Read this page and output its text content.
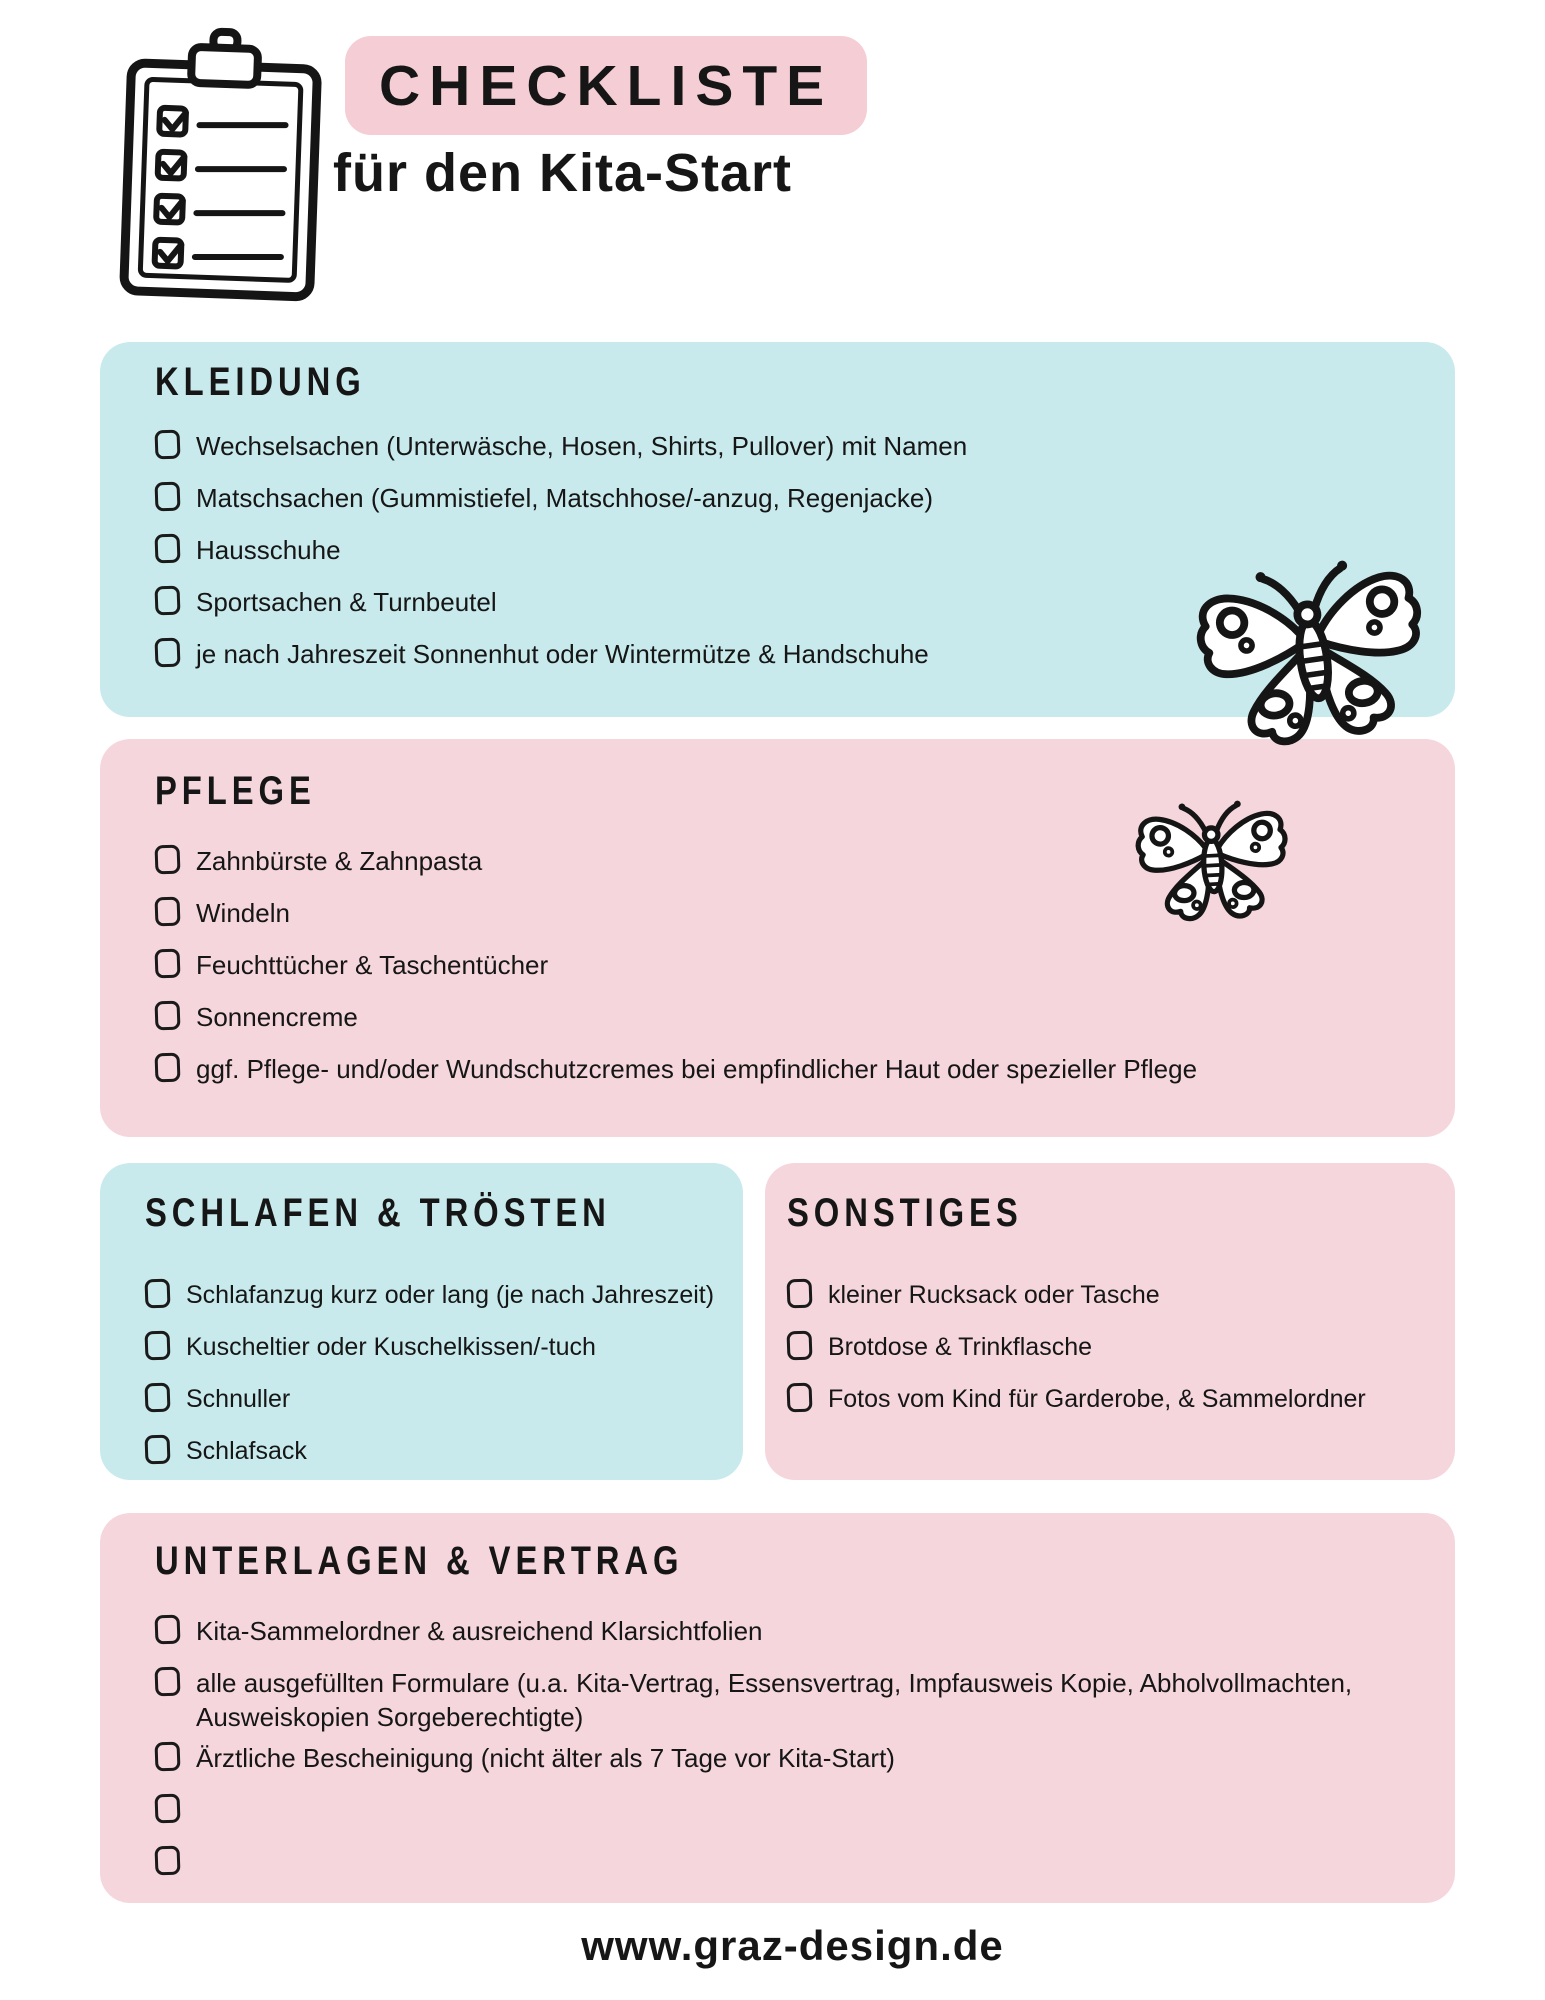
CHECKLISTE
für den Kita-Start
KLEIDUNG
Wechselsachen (Unterwäsche, Hosen, Shirts, Pullover) mit Namen
Matschsachen (Gummistiefel, Matschhose/-anzug, Regenjacke)
Hausschuhe
Sportsachen & Turnbeutel
je nach Jahreszeit Sonnenhut oder Wintermütze & Handschuhe
PFLEGE
Zahnbürste & Zahnpasta
Windeln
Feuchttücher & Taschentücher
Sonnencreme
ggf. Pflege- und/oder Wundschutzcremes bei empfindlicher Haut oder spezieller Pflege
SCHLAFEN & TRÖSTEN
Schlafanzug kurz oder lang (je nach Jahreszeit)
Kuscheltier oder Kuschelkissen/-tuch
Schnuller
Schlafsack
SONSTIGES
kleiner Rucksack oder Tasche
Brotdose & Trinkflasche
Fotos vom Kind für Garderobe, & Sammelordner
UNTERLAGEN & VERTRAG
Kita-Sammelordner & ausreichend Klarsichtfolien
alle ausgefüllten Formulare (u.a. Kita-Vertrag, Essensvertrag, Impfausweis Kopie, Abholvollmachten, Ausweiskopien Sorgeberechtigte)
Ärztliche Bescheinigung (nicht älter als 7 Tage vor Kita-Start)
www.graz-design.de
